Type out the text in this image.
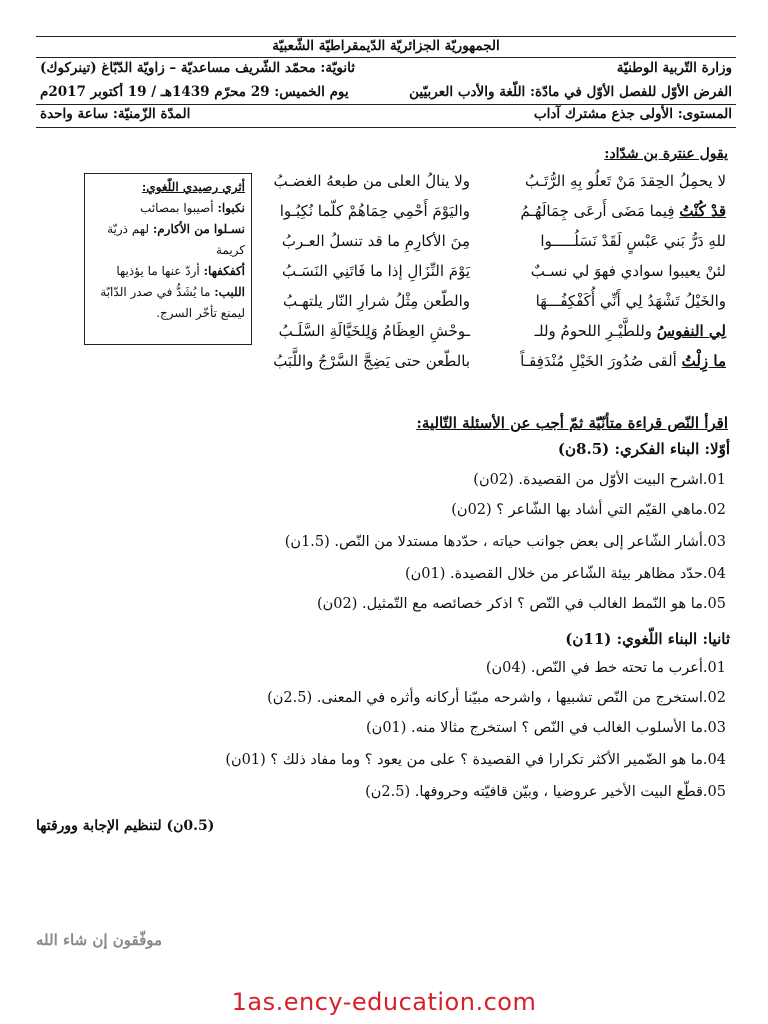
الجمهوريّة الجزائريّة الدّيمقراطيّة الشّعبيّة
وزارة التّربية الوطنيّة
ثانويّة: محمّد الشّريف مساعديّة – زاويّة الدّبّاغ (تينركوك)
الفرض الأوّل للفصل الأوّل في مادّة: اللّغة والأدب العربيّين
يوم الخميس: 29 محرّم 1439هـ / 19 أكتوبر 2017م
المستوى: الأولى جذع مشترك آداب
المدّة الزّمنيّة: ساعة واحدة
يقول عنترة بن شدّاد:
لا يحمِلُ الحِقدَ مَنْ تَعلُو بِهِ الرُّتَـبُ
ولا ينالُ العلى من طبعهُ الغضـبُ
قدْ كُنْتُ فِيما مَضَى أَرعَى جِمَالَهُـمُ
واليَوْمَ أَحْمِي حِمَاهُمْ كلّما نُكِبُـوا
للهِ دَرُّ بَني عَبْسٍ لَقَدْ نَسَلُـــــوا
مِنَ الأكارِمِ ما قد تنسلُ العـربُ
لئنْ يعيبوا سوادي فهوَ لي نسـبٌ
يَوْمَ النِّزَالِ إذا ما فَاتَنِي النَسَـبُ
والخَيْلُ تَشْهَدُ لِي أَنِّي أُكَفْكِفُـــهَا
والطّعن مِثْلُ شرارِ النّار يلتهـبُ
لِي النفوسُ وللطَّيْـرِ اللحومُ وللـ
ـوحْشِ العِظَامُ وَلِلخَيَّالَةِ السَّلَـبُ
ما زِلْتُ ألقى صُدُورَ الخَيْلِ مُنْدَفِقـاً
بالطّعن حتى يَضِجَّ السَّرْجُ واللَّبَبُ
أثري رصيدي اللّغوي:
نكبوا: أصيبوا بمصائب
نسـلوا من الأكارم: لهم ذريّة كريمة
أكفكفها: أردّ عنها ما يؤذيها
اللبب: ما يُشَدُّ في صدر الدّابّة ليمنع تأخّر السرج.
اقرأ النّص قراءة متأنّيّة ثمّ أجب عن الأسئلة التّالية:
أوّلا: البناء الفكري: (8.5ن)
01.اشرح البيت الأوّل من القصيدة. (02ن)
02.ماهي القيّم التي أشاد بها الشّاعر ؟ (02ن)
03.أشار الشّاعر إلى بعض جوانب حياته ، حدّدها مستدلا من النّص. (1.5ن)
04.حدّد مظاهر بيئة الشّاعر من خلال القصيدة. (01ن)
05.ما هو النّمط الغالب في النّص ؟ اذكر خصائصه مع التّمثيل. (02ن)
ثانيا: البناء اللّغوي: (11ن)
01.أعرب ما تحته خط في النّص. (04ن)
02.استخرج من النّص تشبيها ، واشرحه مبيّنا أركانه وأثره في المعنى. (2.5ن)
03.ما الأسلوب الغالب في النّص ؟ استخرج مثالا منه. (01ن)
04.ما هو الضّمير الأكثر تكرارا في القصيدة ؟ على من يعود ؟ وما مفاد ذلك ؟ (01ن)
05.قطّع البيت الأخير عروضيا ، وبيّن قافيّته وحروفها. (2.5ن)
(0.5ن) لتنظيم الإجابة وورقتها
موفّقون إن شاء الله
1as.ency-education.com
